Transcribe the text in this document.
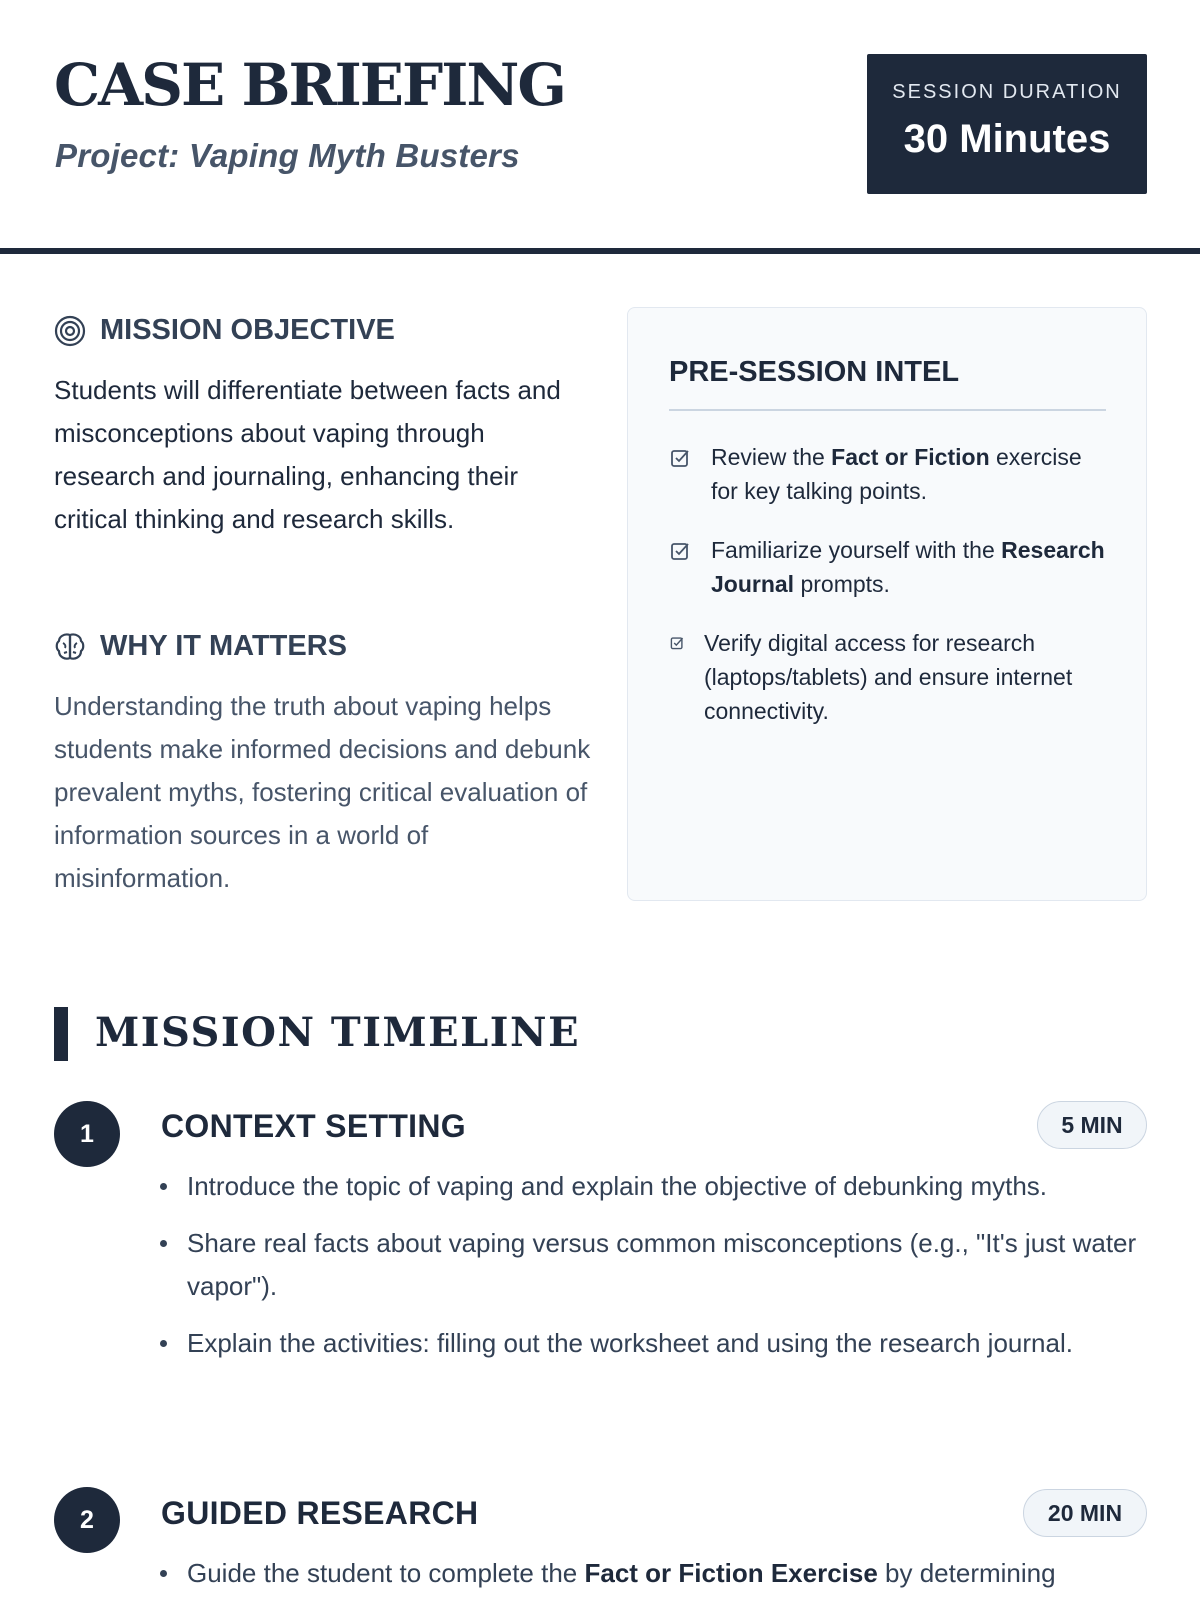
CASE BRIEFING
Project: Vaping Myth Busters
SESSION DURATION
30 Minutes
MISSION OBJECTIVE
Students will differentiate between facts and misconceptions about vaping through research and journaling, enhancing their critical thinking and research skills.
WHY IT MATTERS
Understanding the truth about vaping helps students make informed decisions and debunk prevalent myths, fostering critical evaluation of information sources in a world of misinformation.
PRE-SESSION INTEL
Review the Fact or Fiction exercise for key talking points.
Familiarize yourself with the Research Journal prompts.
Verify digital access for research (laptops/tablets) and ensure internet connectivity.
MISSION TIMELINE
1	CONTEXT SETTING	5 MIN
Introduce the topic of vaping and explain the objective of debunking myths.
Share real facts about vaping versus common misconceptions (e.g., "It's just water vapor").
Explain the activities: filling out the worksheet and using the research journal.
2	GUIDED RESEARCH	20 MIN
Guide the student to complete the Fact or Fiction Exercise by determining
